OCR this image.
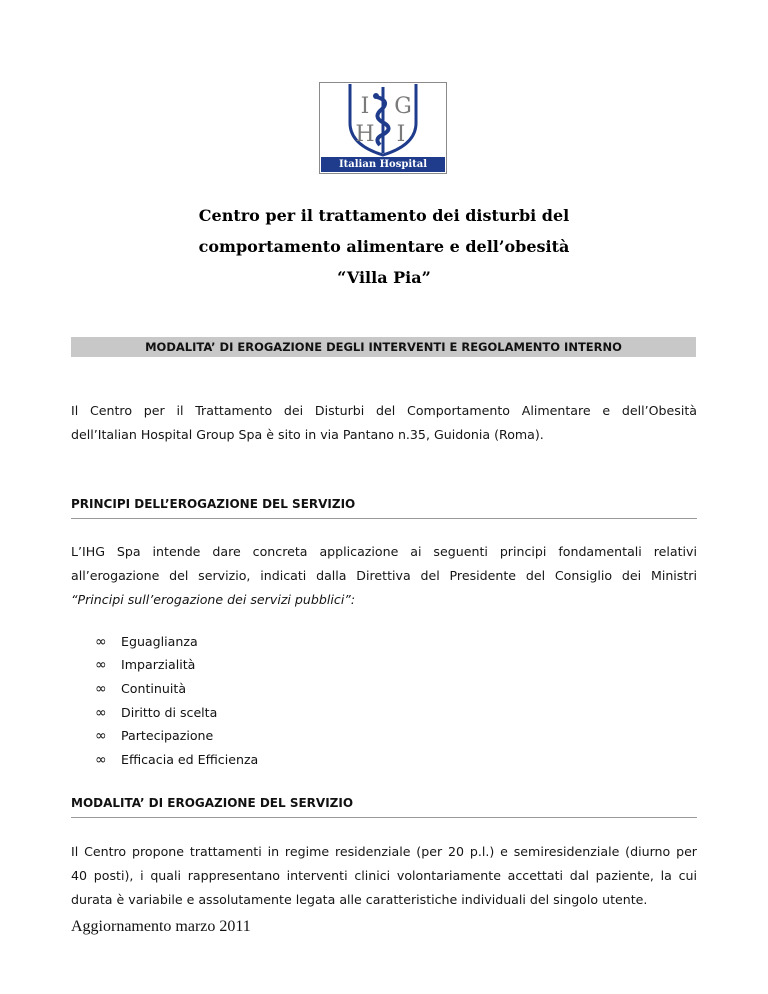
I G
H I
Italian Hospital Group
Centro per il trattamento dei disturbi del
comportamento alimentare e dell’obesità
“Villa Pia”
MODALITA’ DI EROGAZIONE DEGLI INTERVENTI E REGOLAMENTO INTERNO
Il Centro per il Trattamento dei Disturbi del Comportamento Alimentare e dell’Obesità
dell’Italian Hospital Group Spa è sito in via Pantano n.35, Guidonia (Roma).
PRINCIPI DELL’EROGAZIONE DEL SERVIZIO
L’IHG Spa intende dare concreta applicazione ai seguenti principi fondamentali relativi
all’erogazione del servizio, indicati dalla Direttiva del Presidente del Consiglio dei Ministri
“Principi sull’erogazione dei servizi pubblici”:
∞	Eguaglianza
∞	Imparzialità
∞	Continuità
∞	Diritto di scelta
∞	Partecipazione
∞	Efficacia ed Efficienza
MODALITA’ DI EROGAZIONE DEL SERVIZIO
Il Centro propone trattamenti in regime residenziale (per 20 p.l.) e semiresidenziale (diurno per
40 posti), i quali rappresentano interventi clinici volontariamente accettati dal paziente, la cui
durata è variabile e assolutamente legata alle caratteristiche individuali del singolo utente.
Aggiornamento marzo 2011
